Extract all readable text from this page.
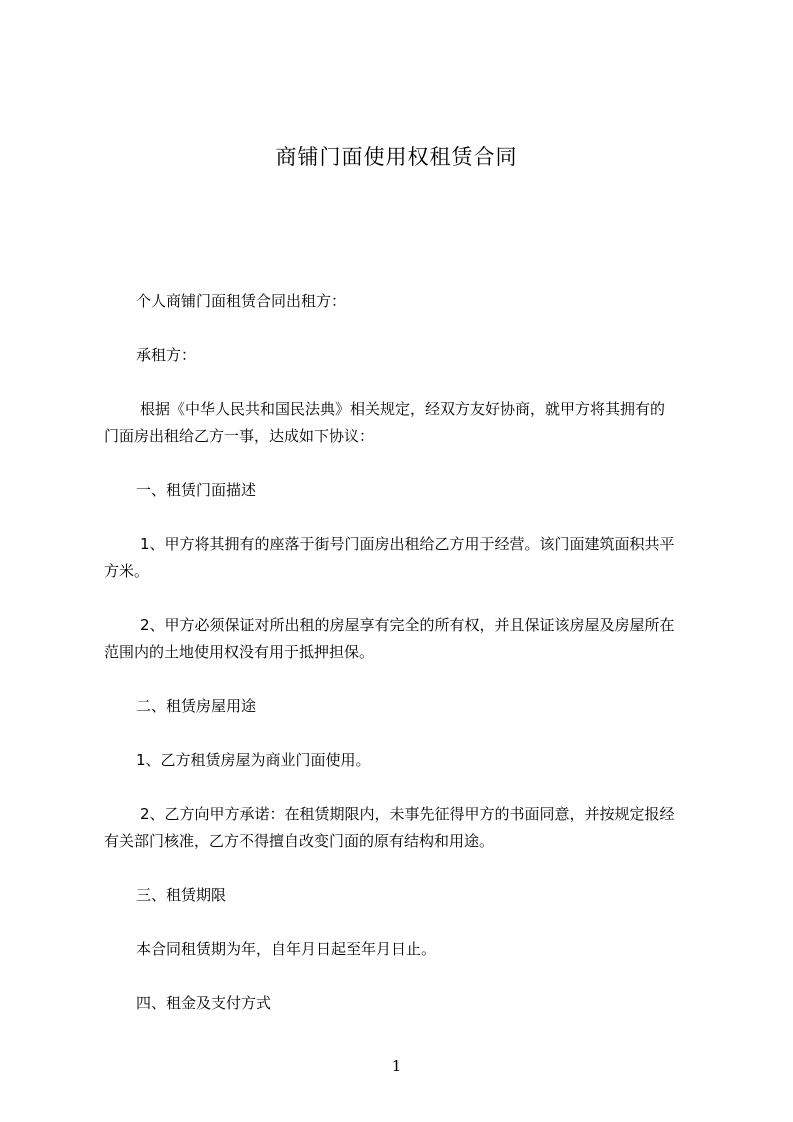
商铺门面使用权租赁合同
个人商铺门面租赁合同出租方：
承租方：
根据《中华人民共和国民法典》相关规定，经双方友好协商，就甲方将其拥有的
门面房出租给乙方一事，达成如下协议：
一、租赁门面描述
1、甲方将其拥有的座落于街号门面房出租给乙方用于经营。该门面建筑面积共平
方米。
2、甲方必须保证对所出租的房屋享有完全的所有权，并且保证该房屋及房屋所在
范围内的土地使用权没有用于抵押担保。
二、租赁房屋用途
1、乙方租赁房屋为商业门面使用。
2、乙方向甲方承诺：在租赁期限内，未事先征得甲方的书面同意，并按规定报经
有关部门核准，乙方不得擅自改变门面的原有结构和用途。
三、租赁期限
本合同租赁期为年，自年月日起至年月日止。
四、租金及支付方式
1
